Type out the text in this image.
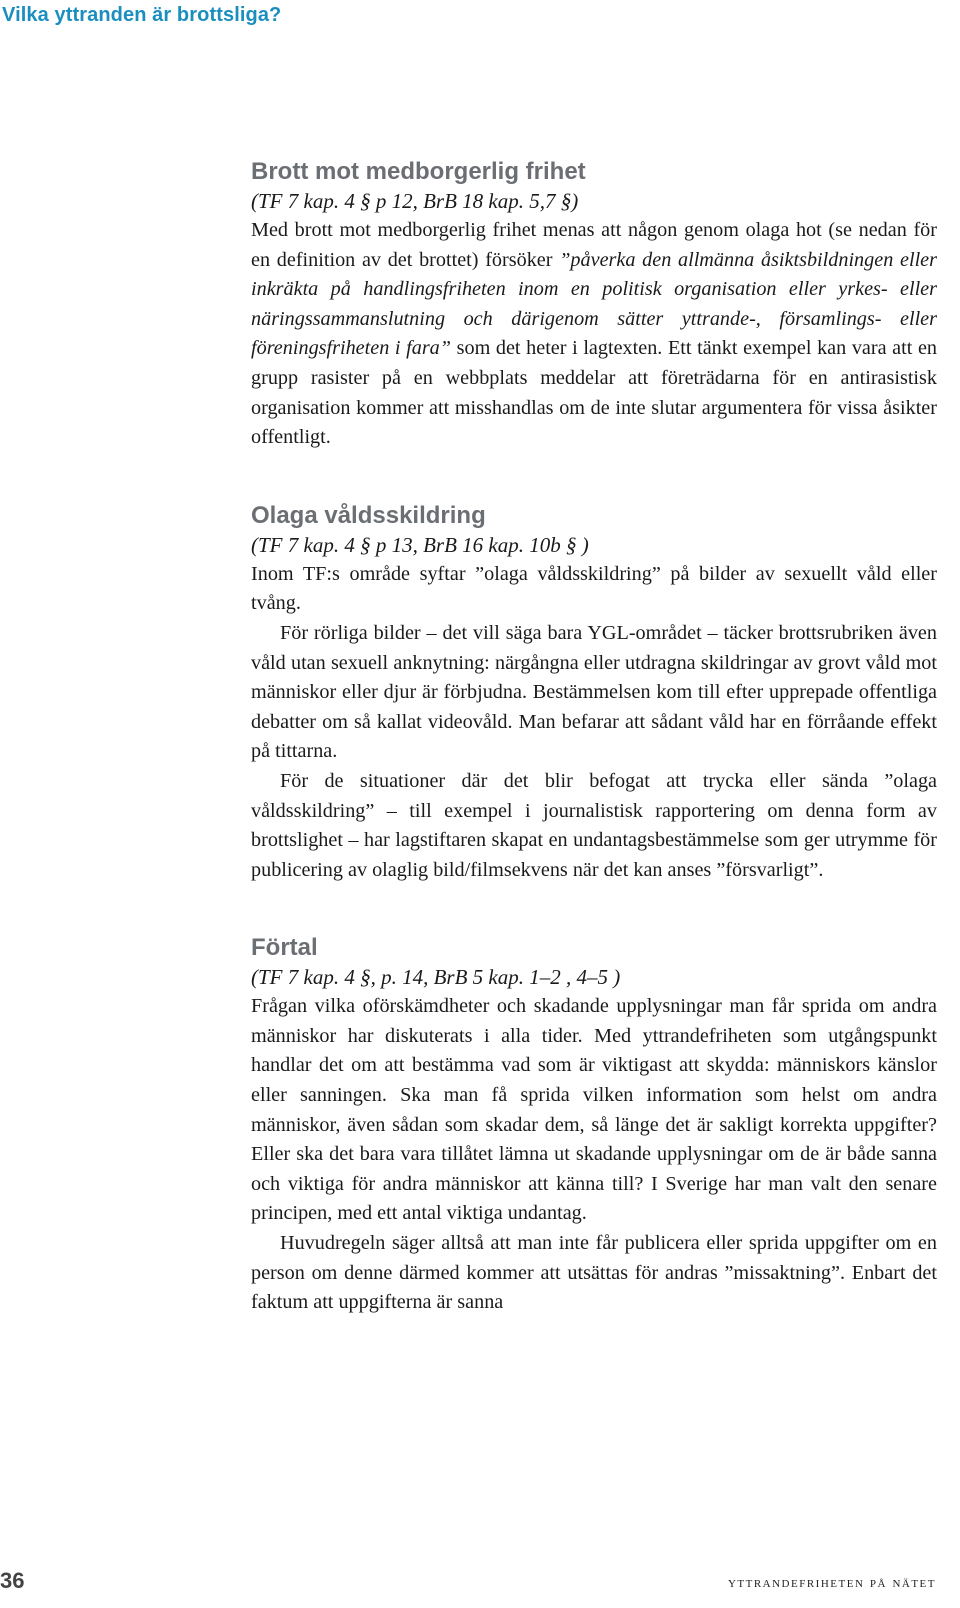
Vilka yttranden är brottsliga?
Brott mot medborgerlig frihet
(TF 7 kap. 4 § p 12, BrB 18 kap. 5,7 §)

Med brott mot medborgerlig frihet menas att någon genom olaga hot (se nedan för en definition av det brottet) försöker ”påverka den allmänna åsiktsbildningen eller inkräkta på handlingsfriheten inom en politisk organisation eller yrkes- eller näringssammanslutning och därigenom sätter yttrande-, församlings- eller föreningsfriheten i fara” som det heter i lagtexten. Ett tänkt exempel kan vara att en grupp rasister på en webbplats meddelar att företrädarna för en antirasistisk organisation kommer att misshandlas om de inte slutar argumentera för vissa åsikter offentligt.

Olaga våldsskildring
(TF 7 kap. 4 § p 13, BrB 16 kap. 10b § )

Inom TF:s område syftar ”olaga våldsskildring” på bilder av sexuellt våld eller tvång.

För rörliga bilder – det vill säga bara YGL-området – täcker brottsrubriken även våld utan sexuell anknytning: närgångna eller utdragna skildringar av grovt våld mot människor eller djur är förbjudna. Bestämmelsen kom till efter upprepade offentliga debatter om så kallat videovåld. Man befarar att sådant våld har en förråande effekt på tittarna.

För de situationer där det blir befogat att trycka eller sända ”olaga våldsskildring” – till exempel i journalistisk rapportering om denna form av brottslighet – har lagstiftaren skapat en undantagsbestämmelse som ger utrymme för publicering av olaglig bild/filmsekvens när det kan anses ”försvarligt”.

Förtal
(TF 7 kap. 4 §, p. 14, BrB 5 kap. 1–2 , 4–5 )

Frågan vilka oförskämdheter och skadande upplysningar man får sprida om andra människor har diskuterats i alla tider. Med yttrandefriheten som utgångspunkt handlar det om att bestämma vad som är viktigast att skydda: människors känslor eller sanningen. Ska man få sprida vilken information som helst om andra människor, även sådan som skadar dem, så länge det är sakligt korrekta uppgifter? Eller ska det bara vara tillåtet lämna ut skadande upplysningar om de är både sanna och viktiga för andra människor att känna till? I Sverige har man valt den senare principen, med ett antal viktiga undantag.

Huvudregeln säger alltså att man inte får publicera eller sprida uppgifter om en person om denne därmed kommer att utsättas för andras ”missaktning”. Enbart det faktum att uppgifterna är sanna

36	yttrandefriheten på nätet
